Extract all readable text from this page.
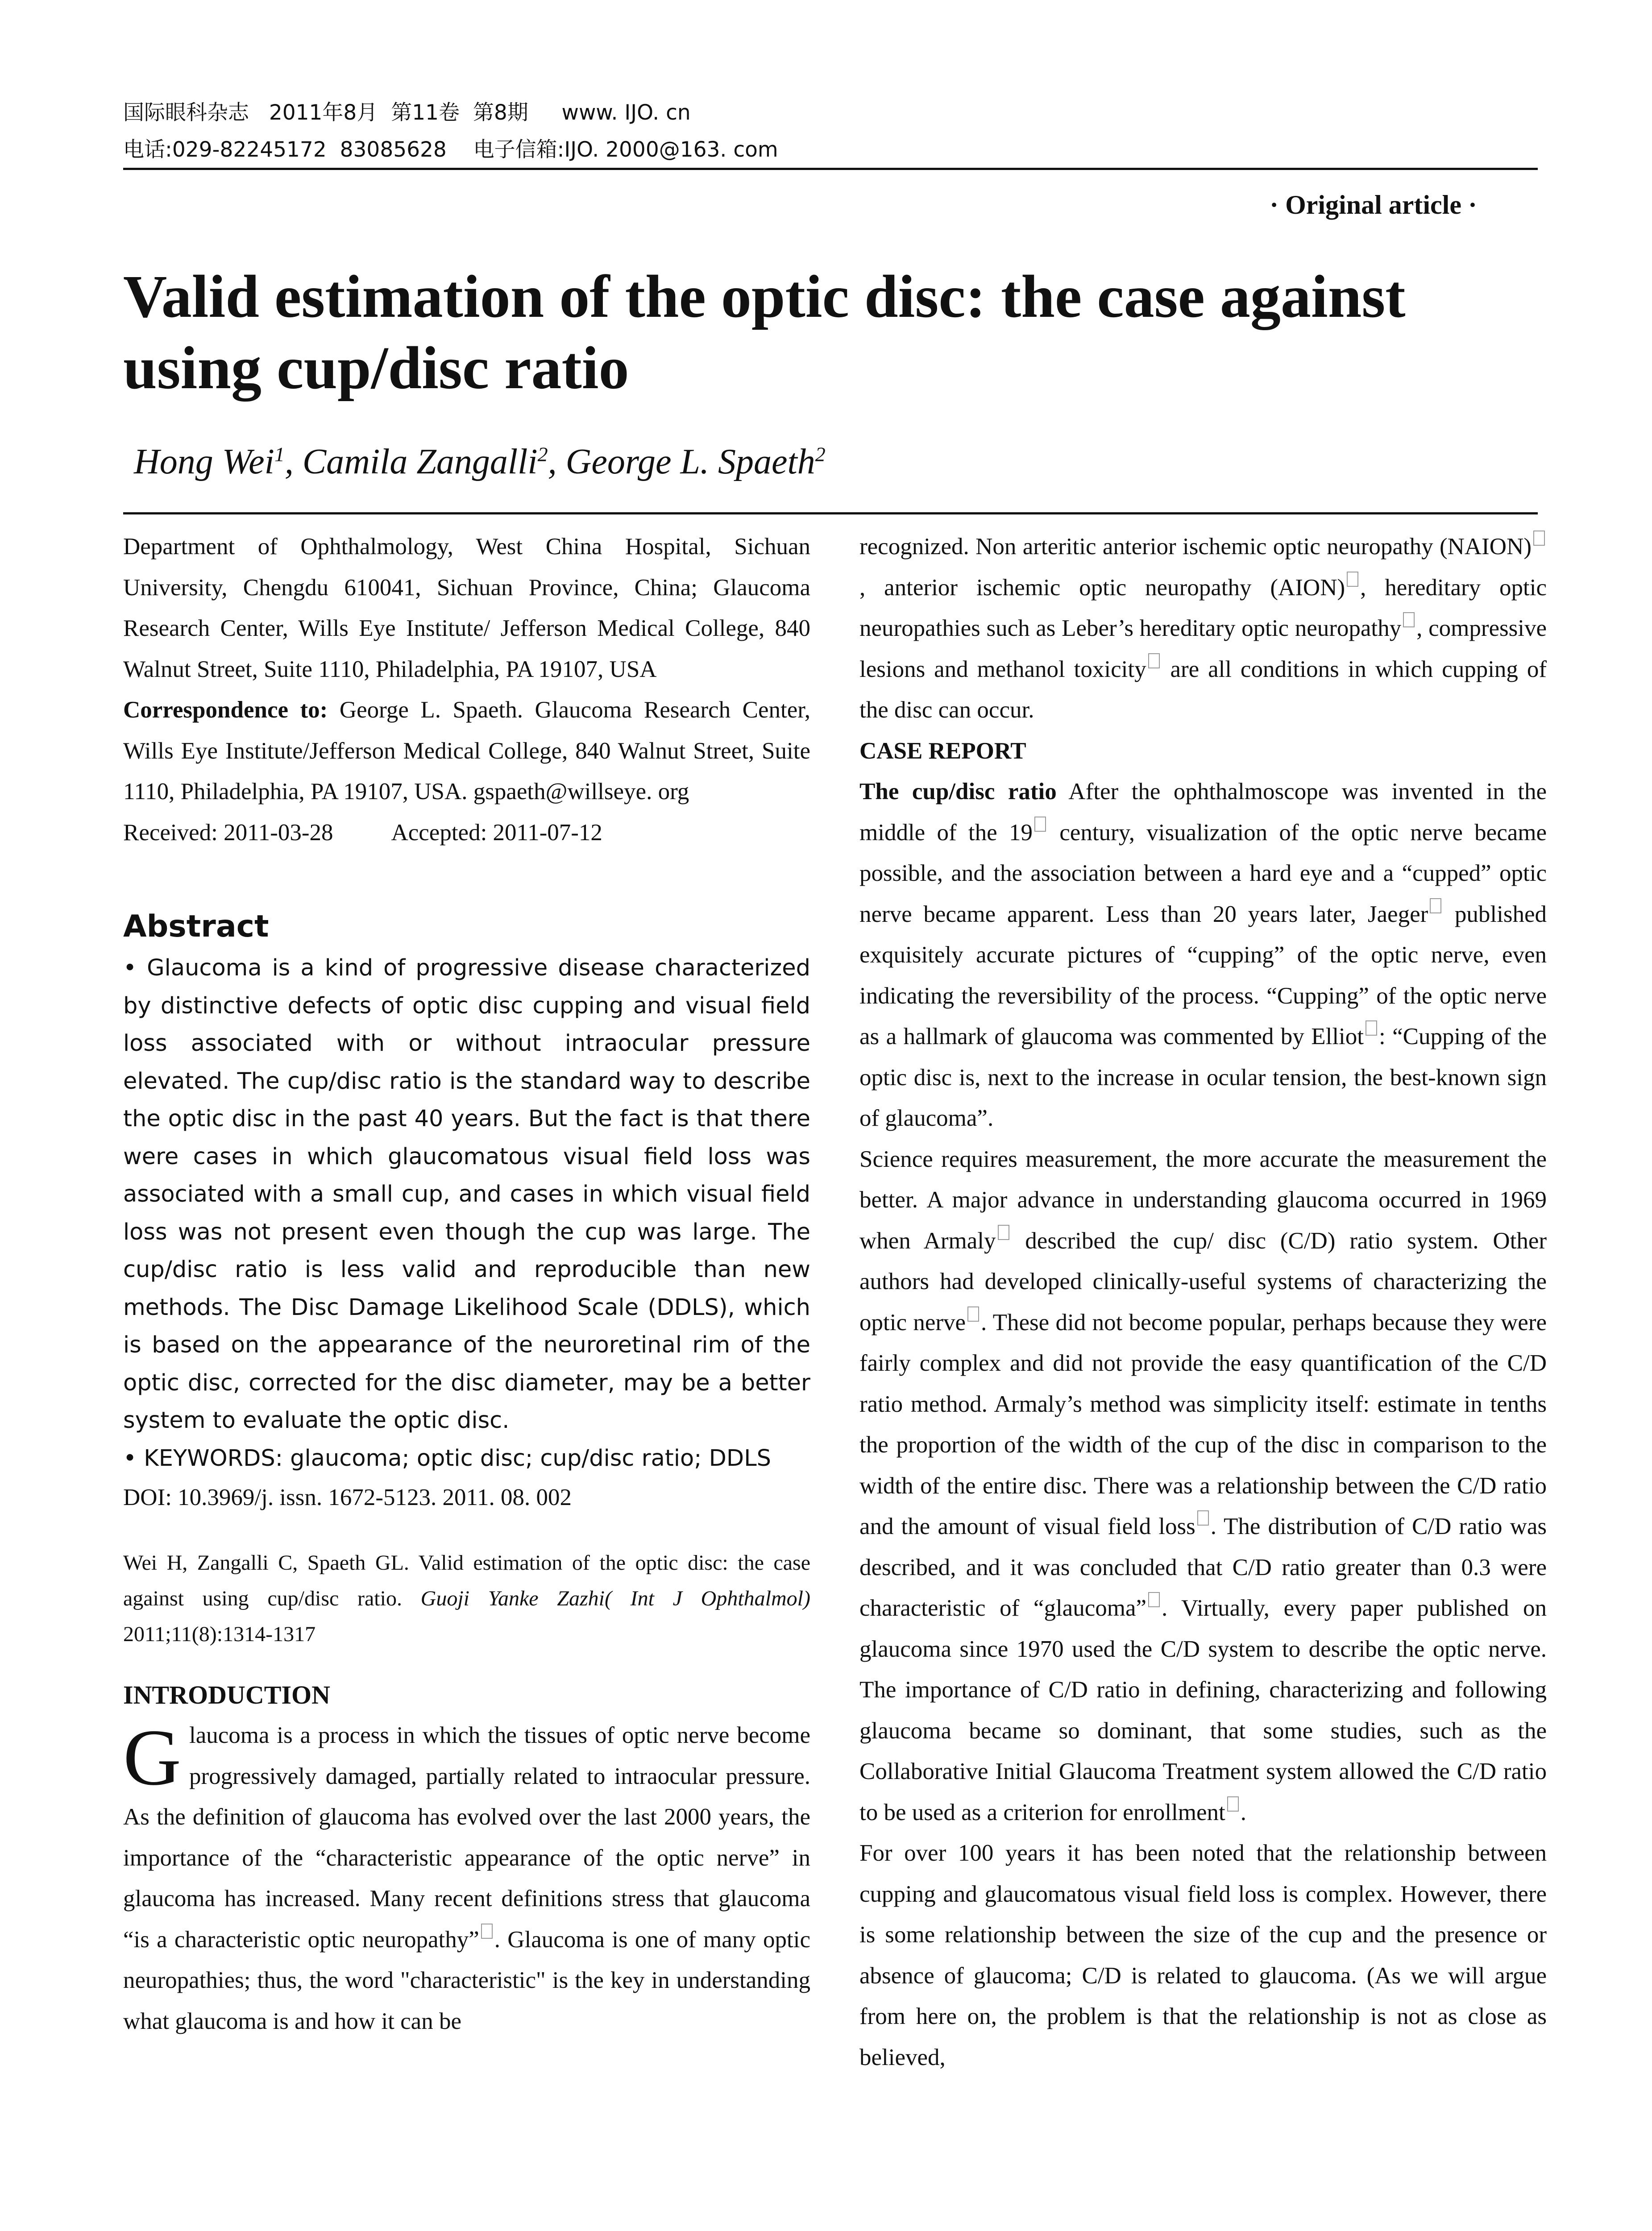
国际眼科杂志   2011年8月  第11卷  第8期     www. IJO. cn
电话:029-82245172  83085628    电子信箱:IJO. 2000@163. com
· Original article ·
Valid estimation of the optic disc: the case against using cup/disc ratio
Hong Wei$^1$, Camila Zangalli$^2$, George L. Spaeth$^2$

Department of Ophthalmology, West China Hospital, Sichuan University, Chengdu 610041, Sichuan Province, China; Glaucoma Research Center, Wills Eye Institute/ Jefferson Medical College, 840 Walnut Street, Suite 1110, Philadelphia, PA 19107, USA

Correspondence to: George L. Spaeth. Glaucoma Research Center, Wills Eye Institute/Jefferson Medical College, 840 Walnut Street, Suite 1110, Philadelphia, PA 19107, USA. gspaeth@willseye. org

Received: 2011-03-28 Accepted: 2011-07-12

Abstract

• Glaucoma is a kind of progressive disease characterized by distinctive defects of optic disc cupping and visual field loss associated with or without intraocular pressure elevated. The cup/disc ratio is the standard way to describe the optic disc in the past 40 years. But the fact is that there were cases in which glaucomatous visual field loss was associated with a small cup, and cases in which visual field loss was not present even though the cup was large. The cup/disc ratio is less valid and reproducible than new methods. The Disc Damage Likelihood Scale (DDLS), which is based on the appearance of the neuroretinal rim of the optic disc, corrected for the disc diameter, may be a better system to evaluate the optic disc.

• KEYWORDS: glaucoma; optic disc; cup/disc ratio; DDLS

DOI: 10.3969/j. issn. 1672-5123. 2011. 08. 002

Wei H, Zangalli C, Spaeth GL. Valid estimation of the optic disc: the case against using cup/disc ratio. Guoji Yanke Zazhi( Int J Ophthalmol) 2011;11(8):1314-1317

INTRODUCTION

Glaucoma is a process in which the tissues of optic nerve become progressively damaged, partially related to intraocular pressure. As the definition of glaucoma has evolved over the last 2000 years, the importance of the “characteristic appearance of the optic nerve” in glaucoma has increased. Many recent definitions stress that glaucoma “is a characteristic optic neuropathy” . Glaucoma is one of many optic neuropathies; thus, the word "characteristic" is the key in understanding what glaucoma is and how it can be

recognized. Non arteritic anterior ischemic optic neuropathy (NAION), anterior ischemic optic neuropathy (AION) , hereditary optic neuropathies such as Leber’s hereditary optic neuropathy , compressive lesions and methanol toxicity are all conditions in which cupping of the disc can occur.

CASE REPORT

The cup/disc ratio After the ophthalmoscope was invented in the middle of the 19 century, visualization of the optic nerve became possible, and the association between a hard eye and a “cupped” optic nerve became apparent. Less than 20 years later, Jaeger published exquisitely accurate pictures of “cupping” of the optic nerve, even indicating the reversibility of the process. “Cupping” of the optic nerve as a hallmark of glaucoma was commented by Elliot : “Cupping of the optic disc is, next to the increase in ocular tension, the best-known sign of glaucoma”.

Science requires measurement, the more accurate the measurement the better. A major advance in understanding glaucoma occurred in 1969 when Armaly described the cup/ disc (C/D) ratio system. Other authors had developed clinically-useful systems of characterizing the optic nerve . These did not become popular, perhaps because they were fairly complex and did not provide the easy quantification of the C/D ratio method. Armaly’s method was simplicity itself: estimate in tenths the proportion of the width of the cup of the disc in comparison to the width of the entire disc. There was a relationship between the C/D ratio and the amount of visual field loss . The distribution of C/D ratio was described, and it was concluded that C/D ratio greater than 0.3 were characteristic of “glaucoma” . Virtually, every paper published on glaucoma since 1970 used the C/D system to describe the optic nerve. The importance of C/D ratio in defining, characterizing and following glaucoma became so dominant, that some studies, such as the Collaborative Initial Glaucoma Treatment system allowed the C/D ratio to be used as a criterion for enrollment .

For over 100 years it has been noted that the relationship between cupping and glaucomatous visual field loss is complex. However, there is some relationship between the size of the cup and the presence or absence of glaucoma; C/D is related to glaucoma. (As we will argue from here on, the problem is that the relationship is not as close as believed,
